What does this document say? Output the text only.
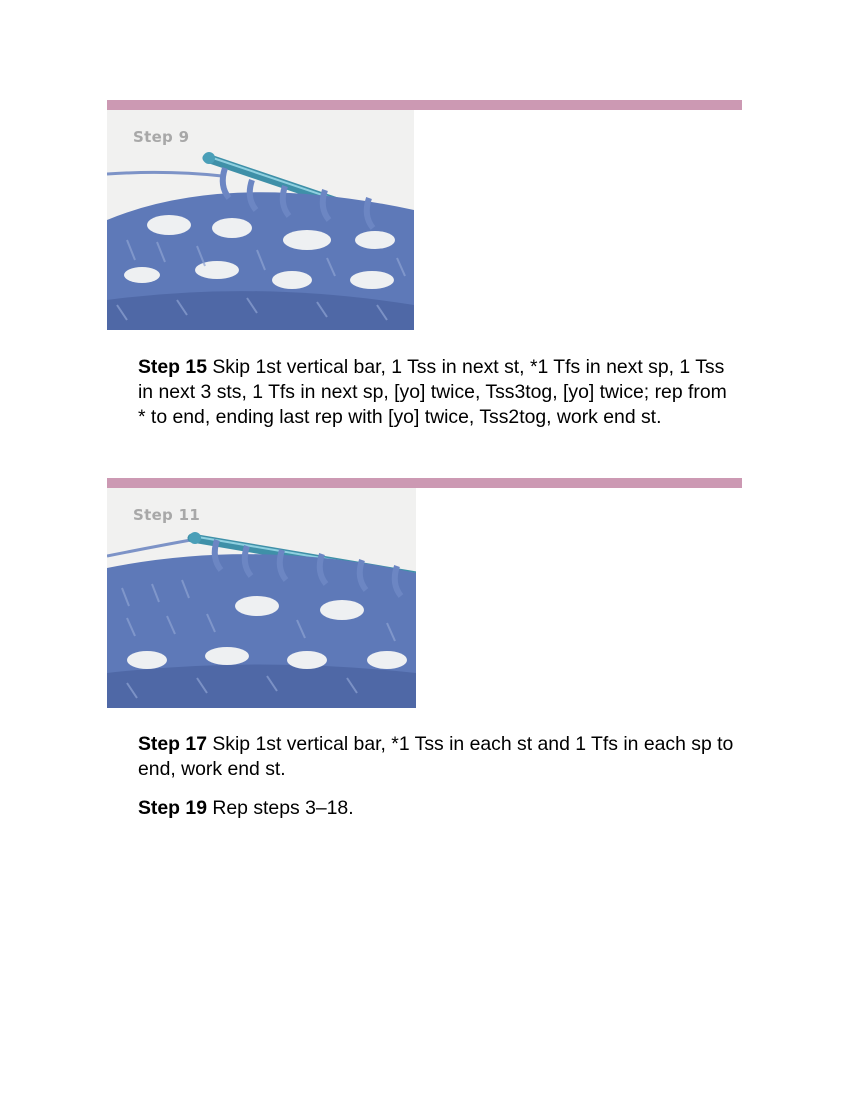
Step 9

Step 15 Skip 1st vertical bar, 1 Tss in next st, *1 Tfs in next sp, 1 Tss in next 3 sts, 1 Tfs in next sp, [yo] twice, Tss3tog, [yo] twice; rep from * to end, ending last rep with [yo] twice, Tss2tog, work end st.

Step 11

Step 17 Skip 1st vertical bar, *1 Tss in each st and 1 Tfs in each sp to end, work end st.

Step 19 Rep steps 3–18.
